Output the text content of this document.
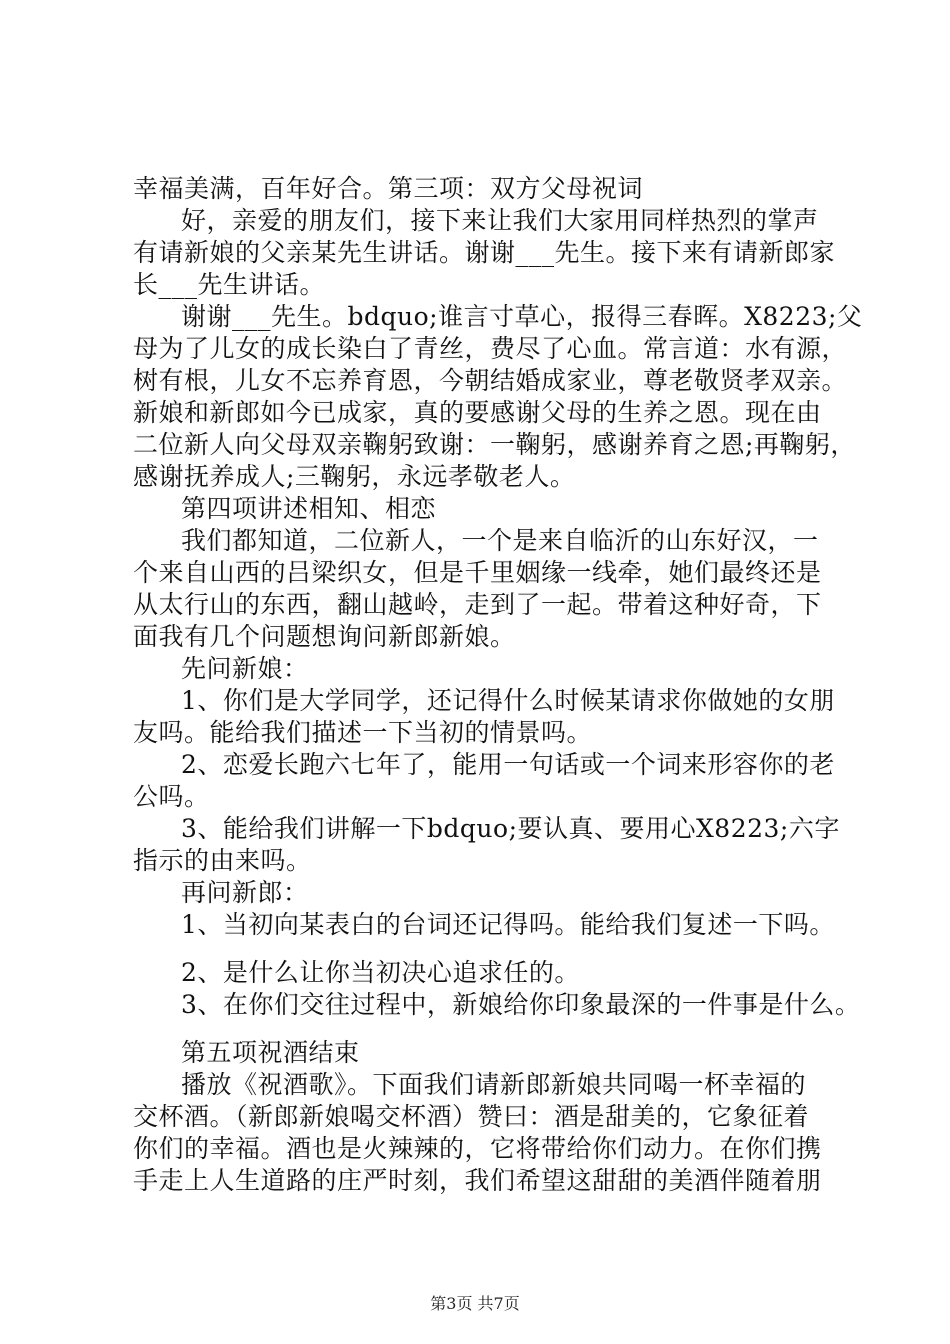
幸福美满，百年好合。第三项：双方父母祝词
好，亲爱的朋友们，接下来让我们大家用同样热烈的掌声
有请新娘的父亲某先生讲话。谢谢___先生。接下来有请新郎家
长___先生讲话。
谢谢___先生。bdquo;谁言寸草心，报得三春晖。X8223;父
母为了儿女的成长染白了青丝，费尽了心血。常言道：水有源，
树有根，儿女不忘养育恩，今朝结婚成家业，尊老敬贤孝双亲。
新娘和新郎如今已成家，真的要感谢父母的生养之恩。现在由
二位新人向父母双亲鞠躬致谢：一鞠躬，感谢养育之恩;再鞠躬，
感谢抚养成人;三鞠躬，永远孝敬老人。
第四项讲述相知、相恋
我们都知道，二位新人，一个是来自临沂的山东好汉，一
个来自山西的吕梁织女，但是千里姻缘一线牵，她们最终还是
从太行山的东西，翻山越岭，走到了一起。带着这种好奇，下
面我有几个问题想询问新郎新娘。
先问新娘：
1、你们是大学同学，还记得什么时候某请求你做她的女朋
友吗。能给我们描述一下当初的情景吗。
2、恋爱长跑六七年了，能用一句话或一个词来形容你的老
公吗。
3、能给我们讲解一下bdquo;要认真、要用心X8223;六字
指示的由来吗。
再问新郎：
1、当初向某表白的台词还记得吗。能给我们复述一下吗。
2、是什么让你当初决心追求任的。
3、在你们交往过程中，新娘给你印象最深的一件事是什么。
第五项祝酒结束
播放《祝酒歌》。下面我们请新郎新娘共同喝一杯幸福的
交杯酒。（新郎新娘喝交杯酒）赞曰：酒是甜美的，它象征着
你们的幸福。酒也是火辣辣的，它将带给你们动力。在你们携
手走上人生道路的庄严时刻，我们希望这甜甜的美酒伴随着朋
第3页 共7页
